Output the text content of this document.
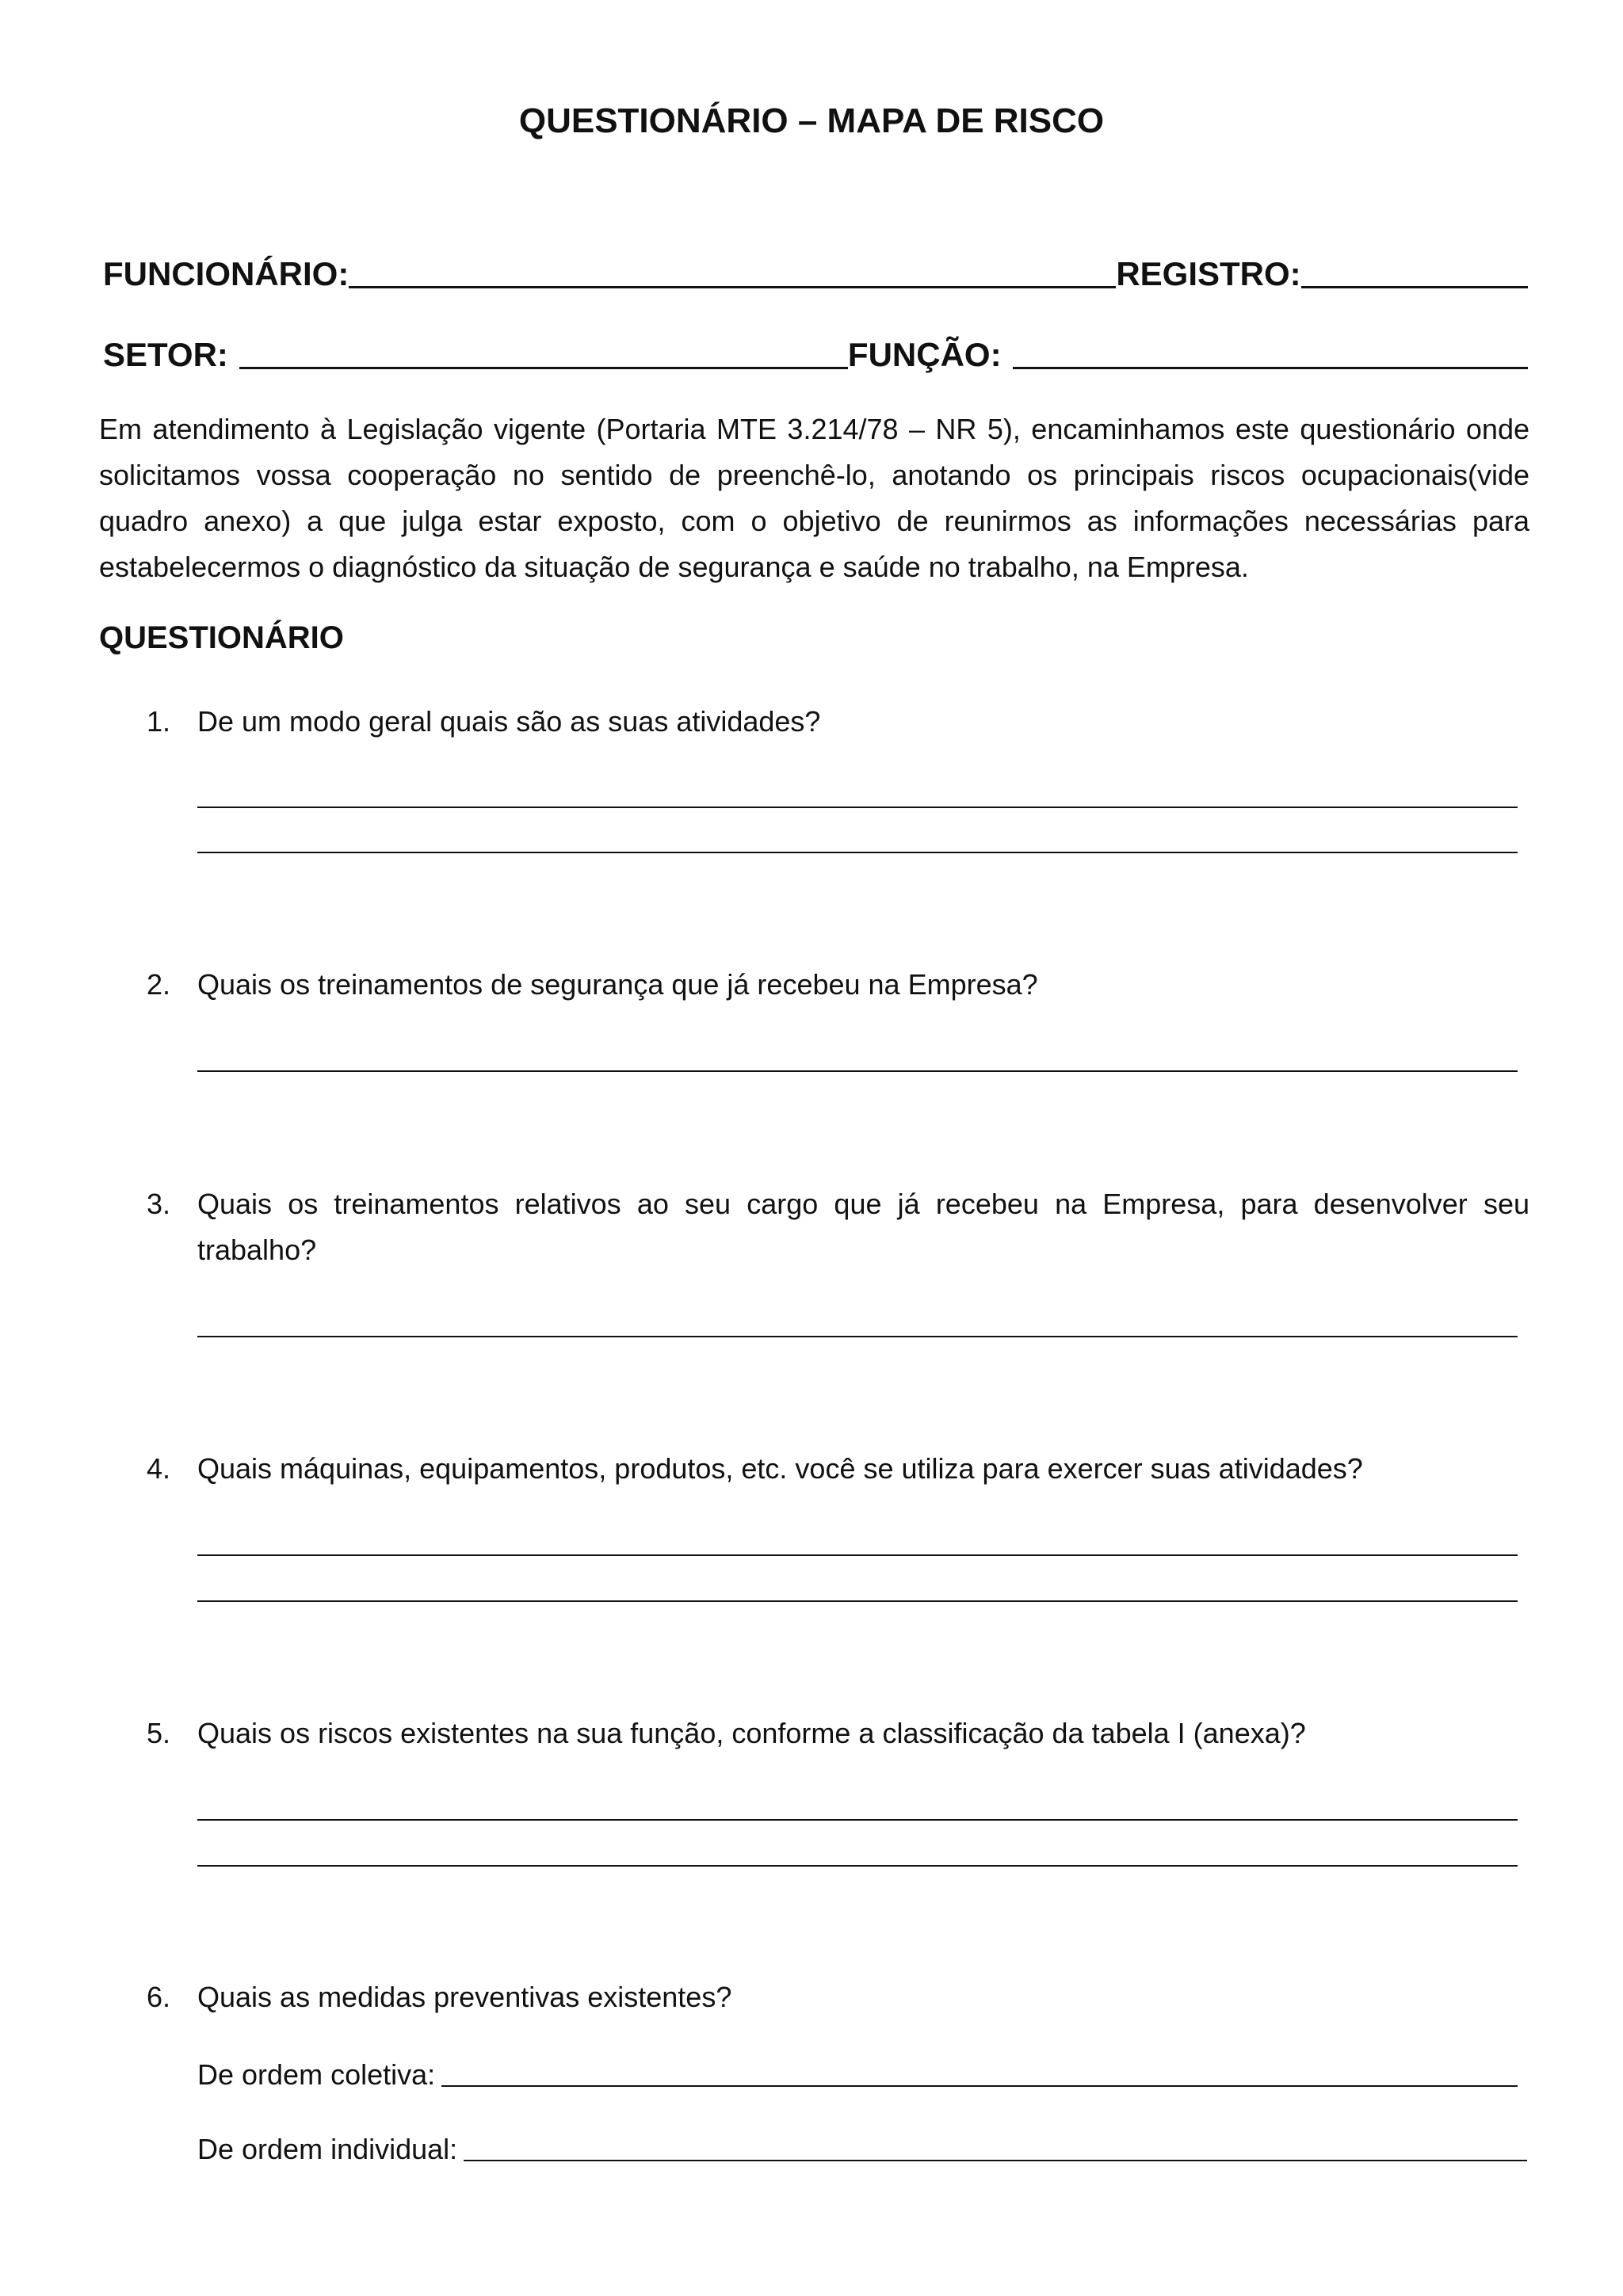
QUESTIONÁRIO – MAPA DE RISCO
FUNCIONÁRIO:	REGISTRO:
SETOR:	FUNÇÃO:
Em atendimento à Legislação vigente (Portaria MTE 3.214/78 – NR 5), encaminhamos este questionário onde solicitamos vossa cooperação no sentido de preenchê-lo, anotando os principais riscos ocupacionais(vide quadro anexo) a que julga estar exposto, com o objetivo de reunirmos as informações necessárias para estabelecermos o diagnóstico da situação de segurança e saúde no trabalho, na Empresa.
QUESTIONÁRIO
1. De um modo geral quais são as suas atividades?
2. Quais os treinamentos de segurança que já recebeu na Empresa?
3. Quais os treinamentos relativos ao seu cargo que já recebeu na Empresa, para desenvolver seu trabalho?
4. Quais máquinas, equipamentos, produtos, etc. você se utiliza para exercer suas atividades?
5. Quais os riscos existentes na sua função, conforme a classificação da tabela I (anexa)?
6. Quais as medidas preventivas existentes?
De ordem coletiva:
De ordem individual:
